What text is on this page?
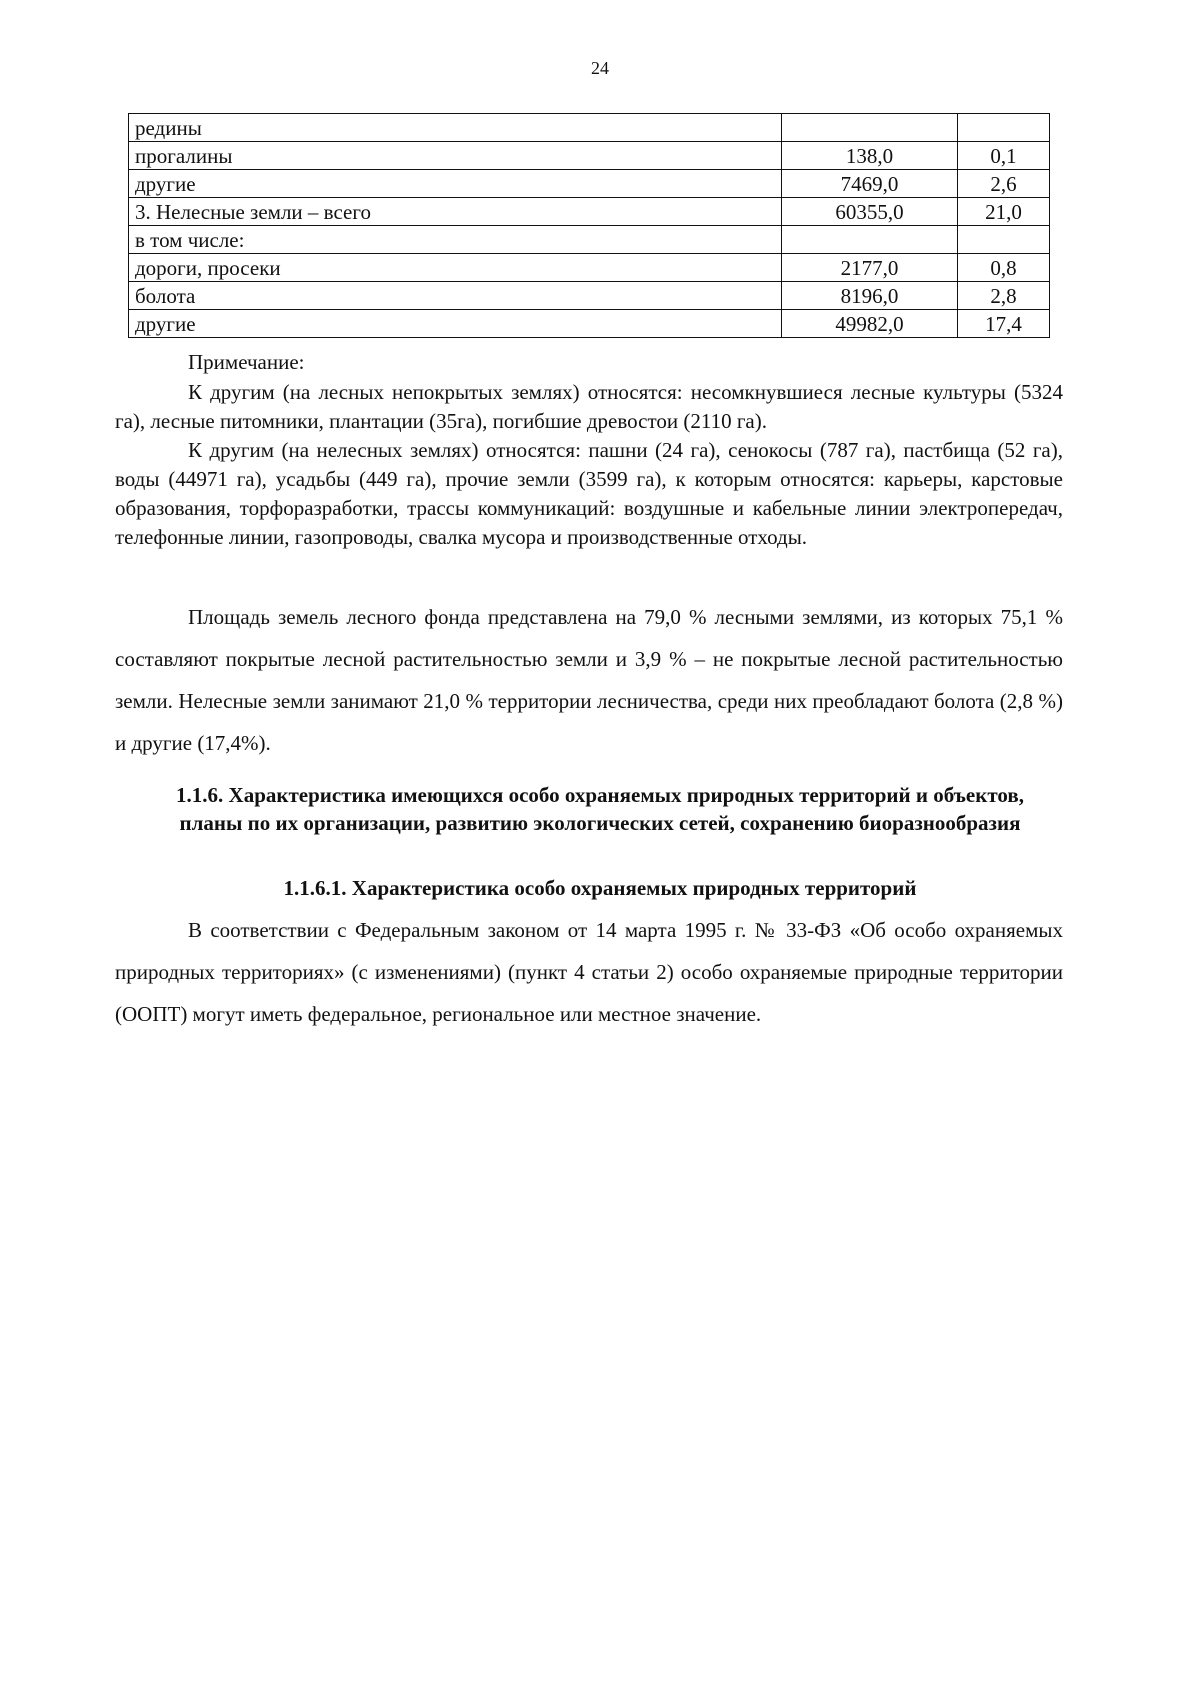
24
редины		
прогалины	138,0	0,1
другие	7469,0	2,6
3. Нелесные земли – всего	60355,0	21,0
в том числе:		
дороги, просеки	2177,0	0,8
болота	8196,0	2,8
другие	49982,0	17,4
Примечание:
К другим (на лесных непокрытых землях) относятся: несомкнувшиеся лесные культуры (5324 га), лесные питомники, плантации (35га), погибшие древостои (2110 га).
К другим (на нелесных землях) относятся: пашни (24 га), сенокосы (787 га), пастбища (52 га), воды (44971 га), усадьбы (449 га), прочие земли (3599 га), к которым относятся: карьеры, карстовые образования, торфоразработки, трассы коммуникаций: воздушные и кабельные линии электропередач, телефонные линии, газопроводы, свалка мусора и производственные отходы.
Площадь земель лесного фонда представлена на 79,0 % лесными землями, из которых 75,1 % составляют покрытые лесной растительностью земли и 3,9 % – не покрытые лесной растительностью земли. Нелесные земли занимают 21,0 % территории лесничества, среди них преобладают болота (2,8 %) и другие (17,4%).
1.1.6. Характеристика имеющихся особо охраняемых природных территорий и объектов, планы по их организации, развитию экологических сетей, сохранению биоразнообразия
1.1.6.1. Характеристика особо охраняемых природных территорий
В соответствии с Федеральным законом от 14 марта 1995 г. № 33-ФЗ «Об особо охраняемых природных территориях» (с изменениями) (пункт 4 статьи 2) особо охраняемые природные территории (ООПТ) могут иметь федеральное, региональное или местное значение.
